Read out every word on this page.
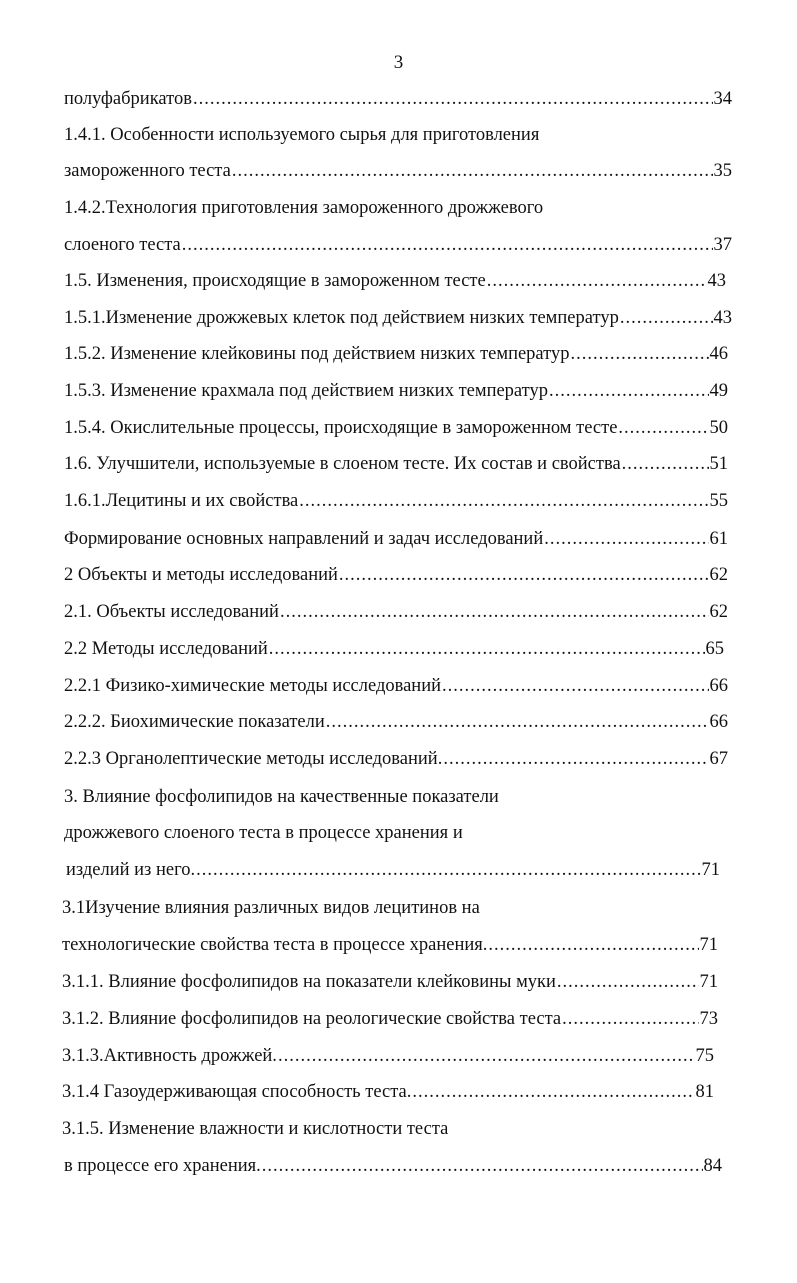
3
полуфабрикатов .....	34
1.4.1. Особенности используемого сырья для приготовления
замороженного теста .....	35
1.4.2.Технология приготовления замороженного дрожжевого
слоеного теста .....	37
1.5. Изменения, происходящие в замороженном тесте .....	43
1.5.1.Изменение дрожжевых клеток под действием низких температур .....	43
1.5.2. Изменение клейковины под действием низких температур .....	46
1.5.3. Изменение крахмала под действием низких температур .....	49
1.5.4. Окислительные процессы, происходящие в замороженном тесте .....	50
1.6. Улучшители, используемые в слоеном тесте. Их состав и свойства .....	51
1.6.1.Лецитины и их свойства .....	55
Формирование основных направлений и задач исследований .....	61
2 Объекты и методы исследований .....	62
2.1. Объекты исследований .....	62
2.2 Методы исследований .....	65
2.2.1 Физико-химические методы исследований .....	66
2.2.2. Биохимические показатели .....	66
2.2.3 Органолептические методы исследований. .....	67
3. Влияние фосфолипидов на качественные показатели
дрожжевого слоеного теста в процессе хранения и
изделий из него. .....	71
3.1Изучение влияния различных видов лецитинов на
технологические свойства теста в процессе хранения. .....	71
3.1.1. Влияние фосфолипидов на показатели клейковины муки .....	71
3.1.2. Влияние фосфолипидов на реологические свойства теста .....	73
3.1.3.Активность дрожжей. .....	75
3.1.4 Газоудерживающая способность теста. .....	81
3.1.5. Изменение влажности и кислотности теста
в процессе его хранения. .....	84
